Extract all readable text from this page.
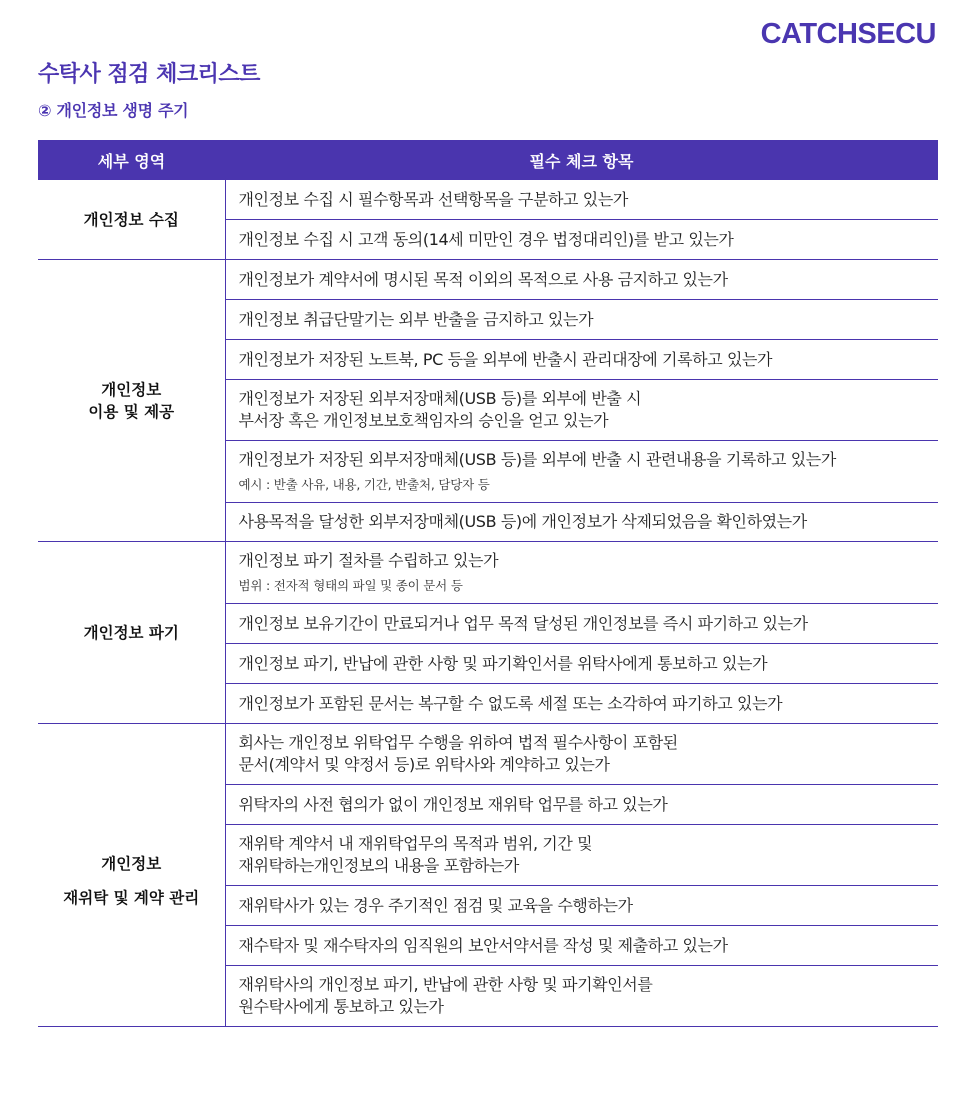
CATCHSECU
수탁사 점검 체크리스트
② 개인정보 생명 주기
세부 영역	필수 체크 항목
개인정보 수집	개인정보 수집 시 필수항목과 선택항목을 구분하고 있는가

	개인정보 수집 시 고객 동의(14세 미만인 경우 법정대리인)를 받고 있는가

개인정보
이용 및 제공	개인정보가 계약서에 명시된 목적 이외의 목적으로 사용 금지하고 있는가

	개인정보 취급단말기는 외부 반출을 금지하고 있는가

	개인정보가 저장된 노트북, PC 등을 외부에 반출시 관리대장에 기록하고 있는가

	개인정보가 저장된 외부저장매체(USB 등)를 외부에 반출 시
부서장 혹은 개인정보보호책임자의 승인을 얻고 있는가

	개인정보가 저장된 외부저장매체(USB 등)를 외부에 반출 시 관련내용을 기록하고 있는가
예시 : 반출 사유, 내용, 기간, 반출처, 담당자 등

	사용목적을 달성한 외부저장매체(USB 등)에 개인정보가 삭제되었음을 확인하였는가

개인정보 파기	개인정보 파기 절차를 수립하고 있는가
범위 : 전자적 형태의 파일 및 종이 문서 등

	개인정보 보유기간이 만료되거나 업무 목적 달성된 개인정보를 즉시 파기하고 있는가

	개인정보 파기, 반납에 관한 사항 및 파기확인서를 위탁사에게 통보하고 있는가

	개인정보가 포함된 문서는 복구할 수 없도록 세절 또는 소각하여 파기하고 있는가

개인정보
재위탁 및 계약 관리	회사는 개인정보 위탁업무 수행을 위하여 법적 필수사항이 포함된
문서(계약서 및 약정서 등)로 위탁사와 계약하고 있는가

	위탁자의 사전 협의가 없이 개인정보 재위탁 업무를 하고 있는가

	재위탁 계약서 내 재위탁업무의 목적과 범위, 기간 및
재위탁하는개인정보의 내용을 포함하는가

	재위탁사가 있는 경우 주기적인 점검 및 교육을 수행하는가

	재수탁자 및 재수탁자의 임직원의 보안서약서를 작성 및 제출하고 있는가

	재위탁사의 개인정보 파기, 반납에 관한 사항 및 파기확인서를
원수탁사에게 통보하고 있는가
